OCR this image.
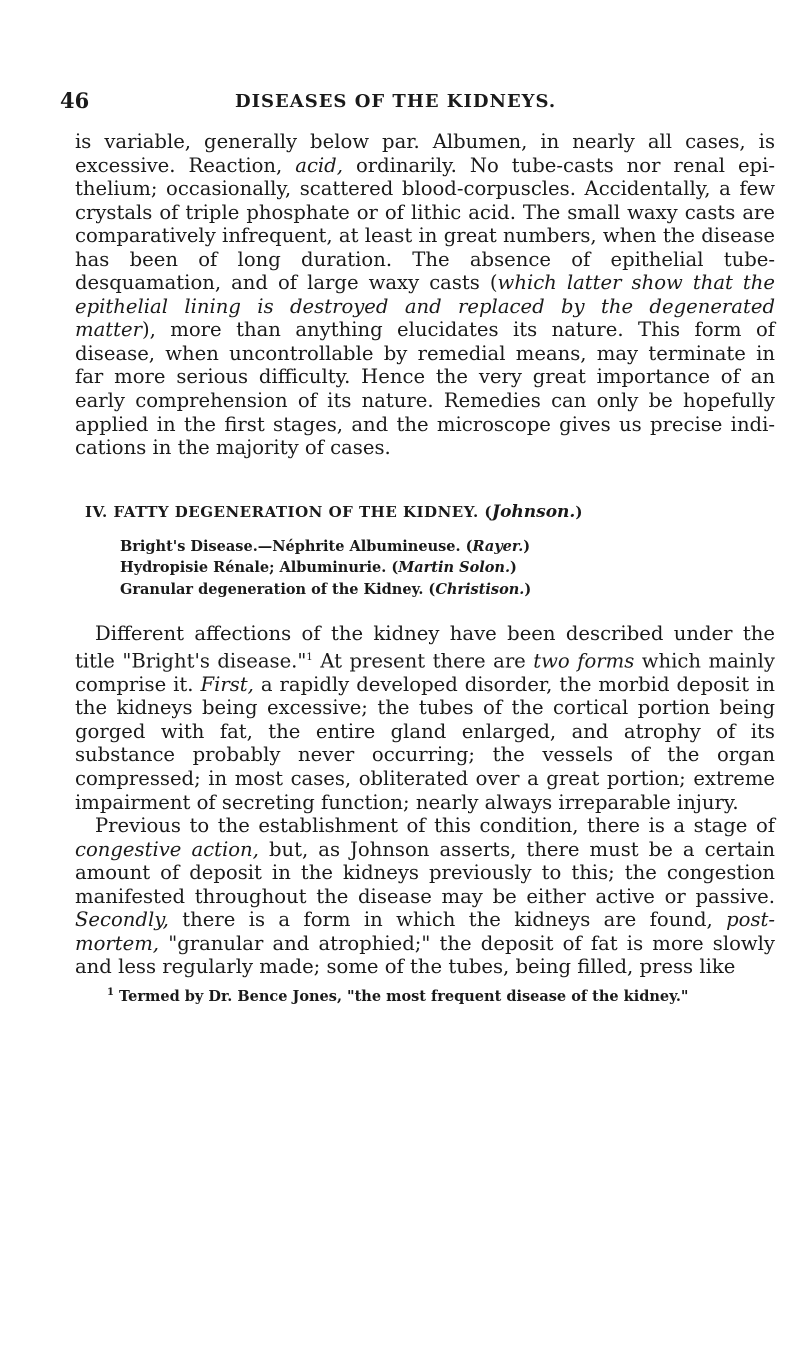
46	DISEASES OF THE KIDNEYS.

is variable, generally below par. Albumen, in nearly all cases, is excessive. Reaction, acid, ordinarily. No tube-casts nor renal epithelium; occasionally, scattered blood-corpuscles. Accidentally, a few crystals of triple phosphate or of lithic acid. The small waxy casts are comparatively infrequent, at least in great numbers, when the disease has been of long duration. The absence of epithelial tube-desquamation, and of large waxy casts (which latter show that the epithelial lining is destroyed and replaced by the degenerated matter), more than anything elucidates its nature. This form of disease, when uncontrollable by remedial means, may terminate in far more serious difficulty. Hence the very great importance of an early comprehension of its nature. Remedies can only be hopefully applied in the first stages, and the microscope gives us precise indications in the majority of cases.

IV. FATTY DEGENERATION OF THE KIDNEY. (Johnson.)
Bright's Disease.—Néphrite Albumineuse. (Rayer.)
Hydropisie Rénale; Albuminurie. (Martin Solon.)
Granular degeneration of the Kidney. (Christison.)

Different affections of the kidney have been described under the title "Bright's disease."$^1$ At present there are two forms which mainly comprise it. First, a rapidly developed disorder, the morbid deposit in the kidneys being excessive; the tubes of the cortical portion being gorged with fat, the entire gland enlarged, and atrophy of its substance probably never occurring; the vessels of the organ compressed; in most cases, obliterated over a great portion; extreme impairment of secreting function; nearly always irreparable injury.

Previous to the establishment of this condition, there is a stage of congestive action, but, as Johnson asserts, there must be a certain amount of deposit in the kidneys previously to this; the congestion manifested throughout the disease may be either active or passive. Secondly, there is a form in which the kidneys are found, post-mortem, "granular and atrophied;" the deposit of fat is more slowly and less regularly made; some of the tubes, being filled, press like

$^1$ Termed by Dr. Bence Jones, "the most frequent disease of the kidney."
